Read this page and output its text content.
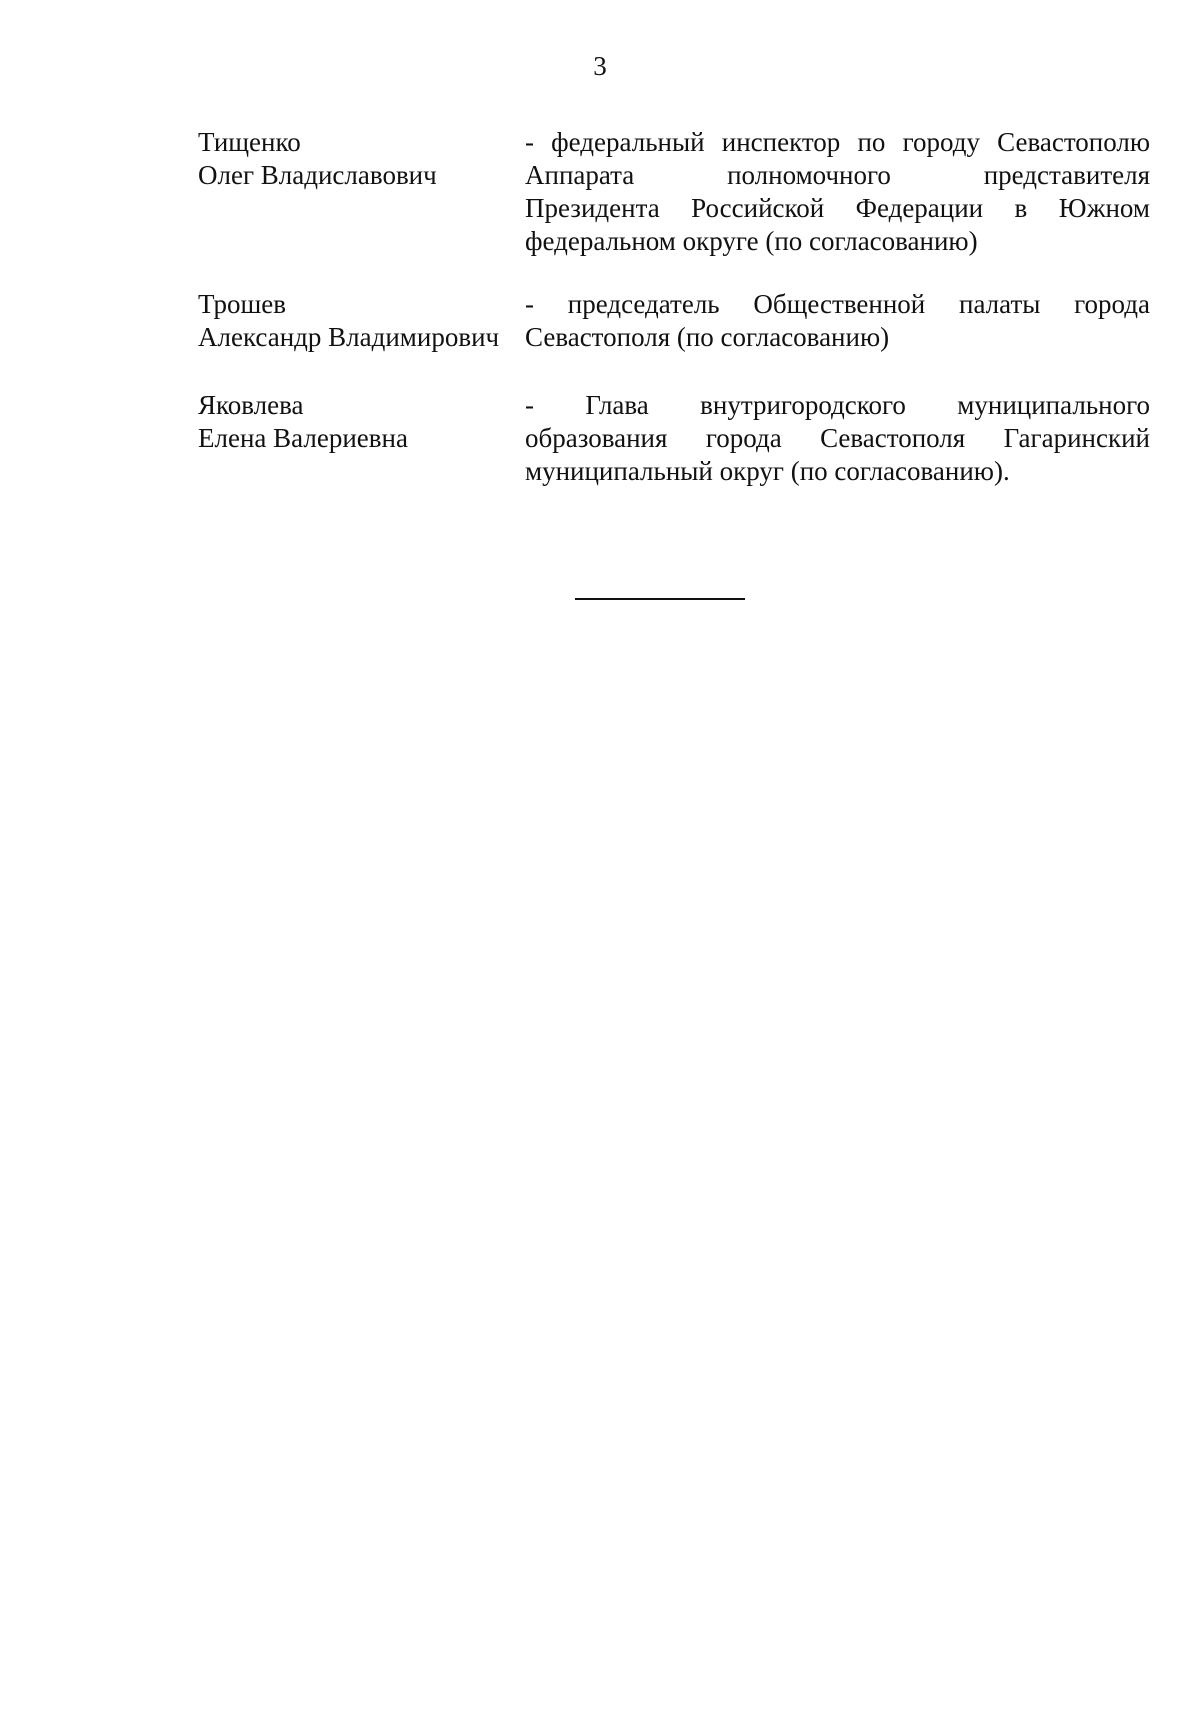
3
Тищенко
Олег Владиславович
- федеральный инспектор по городу Севастополю
Аппарата полномочного представителя
Президента Российской Федерации в Южном
федеральном округе (по согласованию)
Трошев
Александр Владимирович
- председатель Общественной палаты города
Севастополя (по согласованию)
Яковлева
Елена Валериевна
- Глава внутригородского муниципального
образования города Севастополя Гагаринский
муниципальный округ (по согласованию).
